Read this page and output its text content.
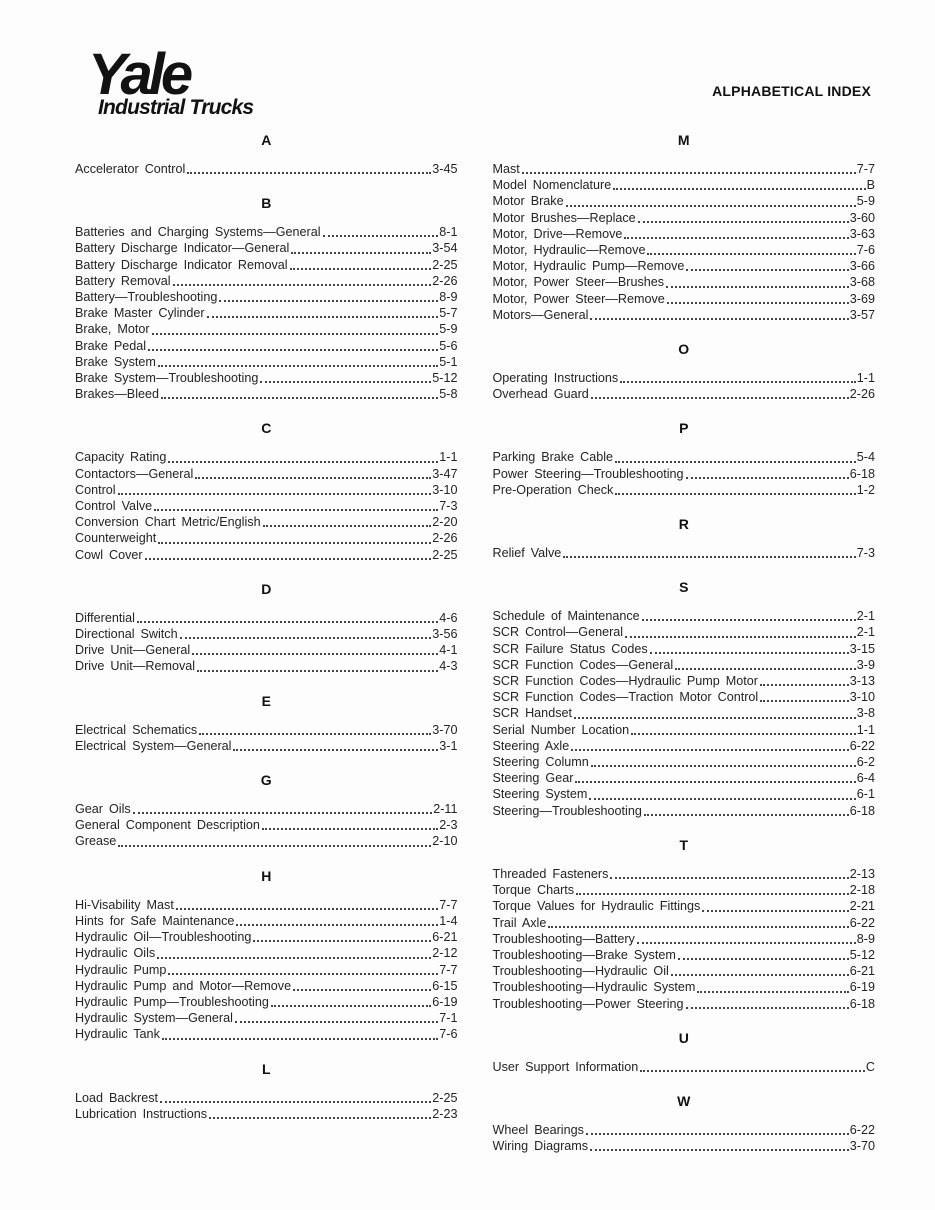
Yale
Industrial Trucks
ALPHABETICAL INDEX
A
Accelerator Control	3-45
B
Batteries and Charging Systems—General	8-1
Battery Discharge Indicator—General	3-54
Battery Discharge Indicator Removal	2-25
Battery Removal	2-26
Battery—Troubleshooting	8-9
Brake Master Cylinder	5-7
Brake, Motor	5-9
Brake Pedal	5-6
Brake System	5-1
Brake System—Troubleshooting	5-12
Brakes—Bleed	5-8
C
Capacity Rating	1-1
Contactors—General	3-47
Control	3-10
Control Valve	7-3
Conversion Chart Metric/English	2-20
Counterweight	2-26
Cowl Cover	2-25
D
Differential	4-6
Directional Switch	3-56
Drive Unit—General	4-1
Drive Unit—Removal	4-3
E
Electrical Schematics	3-70
Electrical System—General	3-1
G
Gear Oils	2-11
General Component Description	2-3
Grease	2-10
H
Hi-Visability Mast	7-7
Hints for Safe Maintenance	1-4
Hydraulic Oil—Troubleshooting	6-21
Hydraulic Oils	2-12
Hydraulic Pump	7-7
Hydraulic Pump and Motor—Remove	6-15
Hydraulic Pump—Troubleshooting	6-19
Hydraulic System—General	7-1
Hydraulic Tank	7-6
L
Load Backrest	2-25
Lubrication Instructions	2-23
M
Mast	7-7
Model Nomenclature	B
Motor Brake	5-9
Motor Brushes—Replace	3-60
Motor, Drive—Remove	3-63
Motor, Hydraulic—Remove	7-6
Motor, Hydraulic Pump—Remove	3-66
Motor, Power Steer—Brushes	3-68
Motor, Power Steer—Remove	3-69
Motors—General	3-57
O
Operating Instructions	1-1
Overhead Guard	2-26
P
Parking Brake Cable	5-4
Power Steering—Troubleshooting	6-18
Pre-Operation Check	1-2
R
Relief Valve	7-3
S
Schedule of Maintenance	2-1
SCR Control—General	2-1
SCR Failure Status Codes	3-15
SCR Function Codes—General	3-9
SCR Function Codes—Hydraulic Pump Motor	3-13
SCR Function Codes—Traction Motor Control	3-10
SCR Handset	3-8
Serial Number Location	1-1
Steering Axle	6-22
Steering Column	6-2
Steering Gear	6-4
Steering System	6-1
Steering—Troubleshooting	6-18
T
Threaded Fasteners	2-13
Torque Charts	2-18
Torque Values for Hydraulic Fittings	2-21
Trail Axle	6-22
Troubleshooting—Battery	8-9
Troubleshooting—Brake System	5-12
Troubleshooting—Hydraulic Oil	6-21
Troubleshooting—Hydraulic System	6-19
Troubleshooting—Power Steering	6-18
U
User Support Information	C
W
Wheel Bearings	6-22
Wiring Diagrams	3-70
